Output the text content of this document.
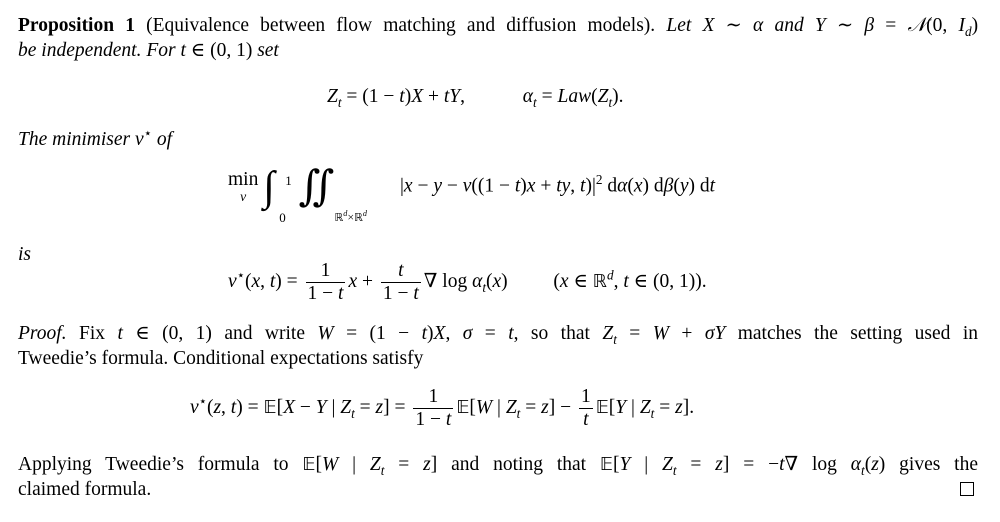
Proposition 1 (Equivalence between flow matching and diffusion models). Let X ∼ α and Y ∼ β = 𝒩(0, $I_d$)
be independent. For t ∈ (0, 1) set
$Z_t = (1 - t)X$ + tY,	$\alpha_t = Law(Z_t)$.
The minimiser v⋆ of
min
v ∫ 1
0
∬
ℝ$^d$×ℝ$^d$
|x − y − v((1 − t)x + ty, $t)|^2$ dα(x) dβ(y) dt
is
v⋆(x, $t) = \frac{1}{1 - t}$ $x + \frac{t}{1 - t}$ ∇ $\log \alpha_t(x)$  (x ∈ ℝ$^d$, t ∈ (0, 1)).
Proof. Fix t ∈ (0, 1) and write W = (1 − t)X, σ = t, so that $Z_t = W + \sigma Y$ matches the setting used in
Tweedie’s formula. Conditional expectations satisfy
v⋆(z, t) = 𝔼[X − Y | $Z_t = z] = \frac{1}{1 - t}$ 𝔼[W | $Z_t = z] - \frac{1}{t}$ 𝔼[Y | $Z_t = z$].
Applying Tweedie’s formula to 𝔼[W | $Z_t = z$] and noting that 𝔼[Y | $Z_t = z] = -t\nabla$ $\log \alpha_t(z)$ gives the
claimed formula.
